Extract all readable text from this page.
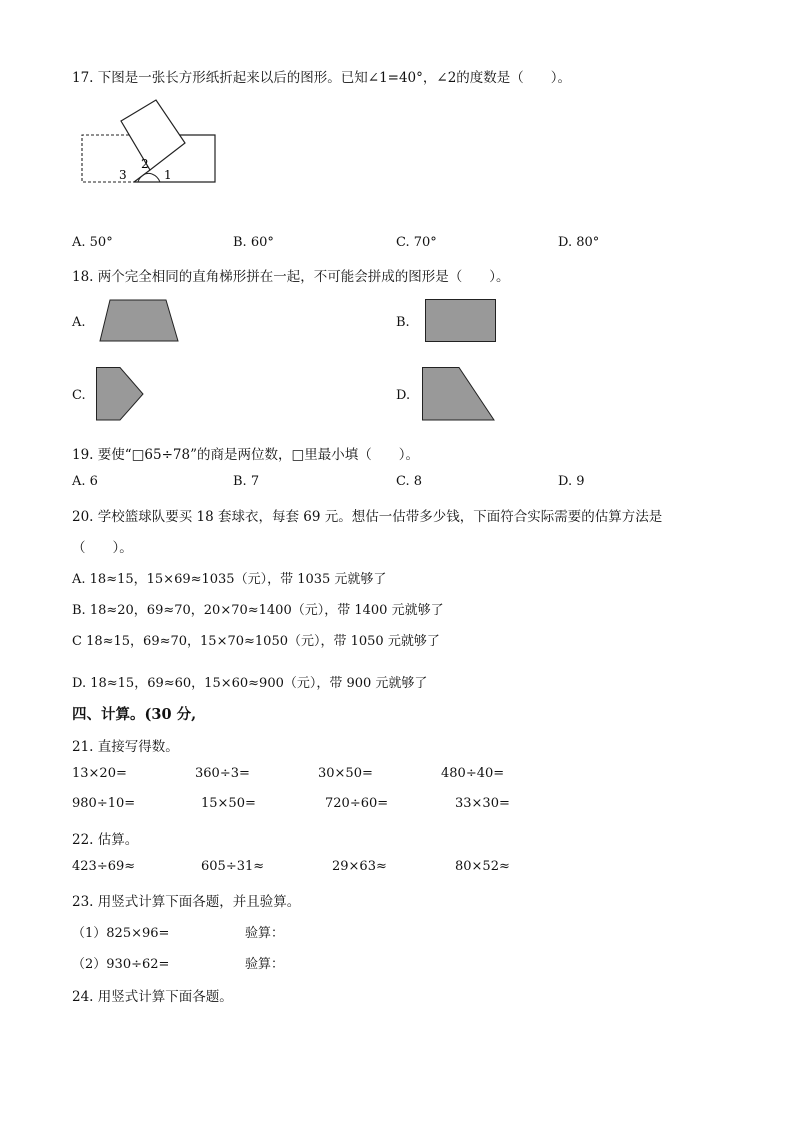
17. 下图是一张长方形纸折起来以后的图形。已知∠1=40°，∠2的度数是（　　）。
3
2
1
A. 50°	B. 60°	C. 70°	D. 80°
18. 两个完全相同的直角梯形拼在一起，不可能会拼成的图形是（　　）。
A.	B.
C.	D.
19. 要使“□65÷78”的商是两位数，□里最小填（　　）。
A. 6	B. 7	C. 8	D. 9
20. 学校篮球队要买 18 套球衣，每套 69 元。想估一估带多少钱，下面符合实际需要的估算方法是
（　　）。
A. 18≈15，15×69≈1035（元），带 1035 元就够了
B. 18≈20，69≈70，20×70≈1400（元），带 1400 元就够了
C 18≈15，69≈70，15×70≈1050（元），带 1050 元就够了
D. 18≈15，69≈60，15×60≈900（元），带 900 元就够了
四、计算。(30 分,
21. 直接写得数。
13×20=	360÷3=	30×50=	480÷40=
980÷10=	15×50=	720÷60=	33×30=
22. 估算。
423÷69≈	605÷31≈	29×63≈	80×52≈
23. 用竖式计算下面各题，并且验算。
（1）825×96=	验算：
（2）930÷62=	验算：
24. 用竖式计算下面各题。
